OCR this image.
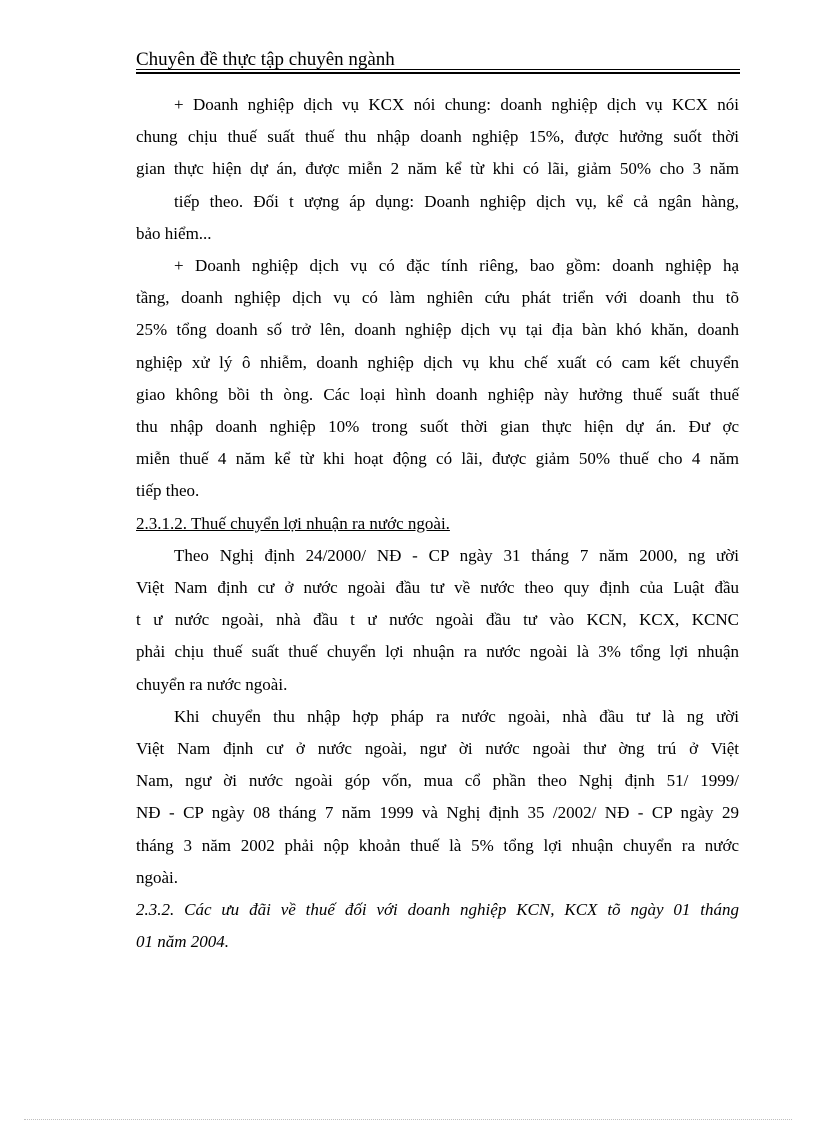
Chuyên đề thực tập chuyên ngành

+ Doanh nghiệp dịch vụ KCX nói chung: doanh nghiệp dịch vụ KCX nói
chung chịu thuế suất thuế thu nhập doanh nghiệp 15%, được hưởng suốt thời
gian thực hiện dự án, được miễn 2 năm kể từ khi có lãi, giảm 50% cho 3 năm
tiếp theo. Đối t ượng áp dụng: Doanh nghiệp dịch vụ, kể cả ngân hàng,
bảo hiểm...

+ Doanh nghiệp dịch vụ có đặc tính riêng, bao gồm: doanh nghiệp hạ
tầng, doanh nghiệp dịch vụ có làm nghiên cứu phát triển với doanh thu tõ
25% tổng doanh số trở lên, doanh nghiệp dịch vụ tại địa bàn khó khăn, doanh
nghiệp xử lý ô nhiễm, doanh nghiệp dịch vụ khu chế xuất có cam kết chuyển
giao không bồi th òng. Các loại hình doanh nghiệp này hưởng thuế suất thuế
thu nhập doanh nghiệp 10% trong suốt thời gian thực hiện dự án. Đư ợc
miễn thuế 4 năm kể từ khi hoạt động có lãi, được giảm 50% thuế cho 4 năm
tiếp theo.

2.3.1.2. Thuế chuyển lợi nhuận ra nước ngoài.

Theo Nghị định 24/2000/ NĐ - CP ngày 31 tháng 7 năm 2000, ng ười
Việt Nam định cư ở nước ngoài đầu tư về nước theo quy định của Luật đầu
t ư nước ngoài, nhà đầu t ư nước ngoài đầu tư vào KCN, KCX, KCNC
phải chịu thuế suất thuế chuyển lợi nhuận ra nước ngoài là 3% tổng lợi nhuận
chuyển ra nước ngoài.

Khi chuyển thu nhập hợp pháp ra nước ngoài, nhà đầu tư là ng ười
Việt Nam định cư ở nước ngoài, ngư ời nước ngoài thư ờng trú ở Việt
Nam, ngư ời nước ngoài góp vốn, mua cổ phần theo Nghị định 51/ 1999/
NĐ - CP ngày 08 tháng 7 năm 1999 và Nghị định 35 /2002/ NĐ - CP ngày 29
tháng 3 năm 2002 phải nộp khoản thuế là 5% tổng lợi nhuận chuyển ra nước
ngoài.

2.3.2. Các ưu đãi về thuế đối với doanh nghiệp KCN, KCX tõ ngày 01 tháng
01 năm 2004.
